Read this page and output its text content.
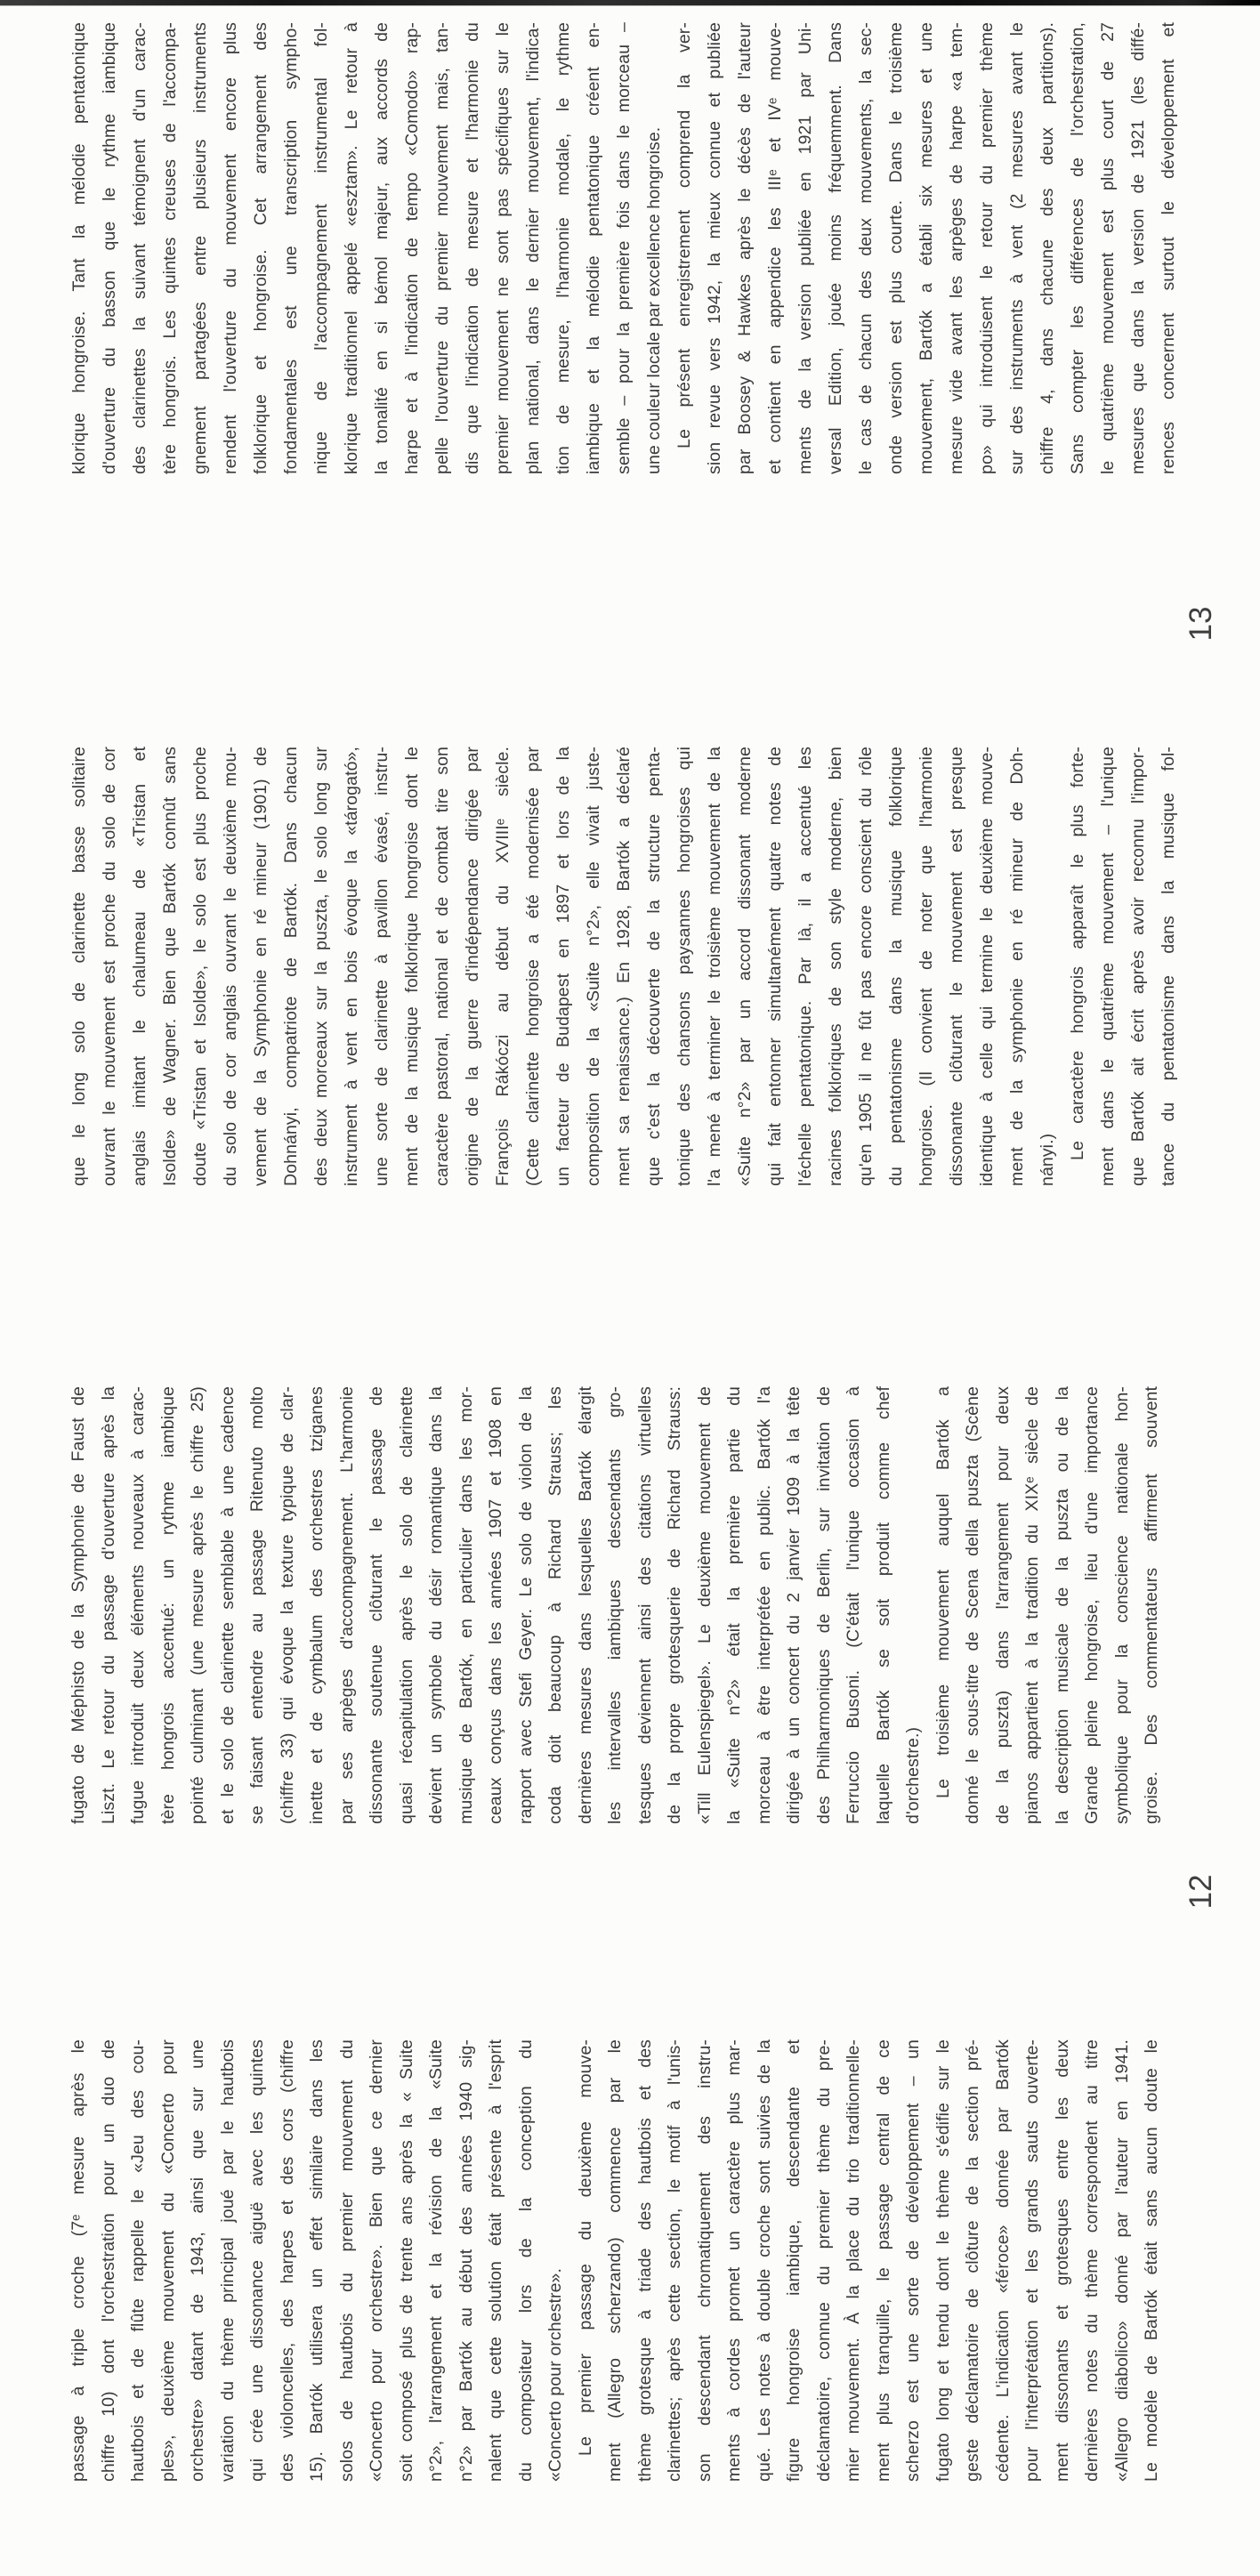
passage à triple croche (7ᵉ mesure après le chiffre 10) dont l'orchestration pour un duo de hautbois et de flûte rappelle le «Jeu des cou- ples», deuxième mouvement du «Concerto pour orchestre» datant de 1943, ainsi que sur une variation du thème principal joué par le hautbois qui crée une dissonance aiguë avec les quintes des violoncelles, des harpes et des cors (chiffre 15). Bartók utilisera un effet similaire dans les solos de hautbois du premier mouvement du «Concerto pour orchestre». Bien que ce dernier soit composé plus de trente ans après la « Suite n°2», l'arrangement et la révision de la «Suite n°2» par Bartók au début des années 1940 sig- nalent que cette solution était présente à l'esprit du compositeur lors de la conception du «Concerto pour orchestre». Le premier passage du deuxième mouve- ment (Allegro scherzando) commence par le thème grotesque à triade des hautbois et des clarinettes; après cette section, le motif à l'unis- son descendant chromatiquement des instru- ments à cordes promet un caractère plus mar- qué. Les notes à double croche sont suivies de la figure hongroise iambique, descendante et déclamatoire, connue du premier thème du pre- mier mouvement. À la place du trio traditionnelle- ment plus tranquille, le passage central de ce scherzo est une sorte de développement – un fugato long et tendu dont le thème s'édifie sur le geste déclamatoire de clôture de la section pré- cédente. L'indication «féroce» donnée par Bartók pour l'interprétation et les grands sauts ouverte- ment dissonants et grotesques entre les deux dernières notes du thème correspondent au titre «Allegro diabolico» donné par l'auteur en 1941. Le modèle de Bartók était sans aucun doute le
fugato de Méphisto de la Symphonie de Faust de Liszt. Le retour du passage d'ouverture après la fugue introduit deux éléments nouveaux à carac- tère hongrois accentué: un rythme iambique pointé culminant (une mesure après le chiffre 25) et le solo de clarinette semblable à une cadence se faisant entendre au passage Ritenuto molto (chiffre 33) qui évoque la texture typique de clar- inette et de cymbalum des orchestres tziganes par ses arpèges d'accompagnement. L'harmonie dissonante soutenue clôturant le passage de quasi récapitulation après le solo de clarinette devient un symbole du désir romantique dans la musique de Bartók, en particulier dans les mor- ceaux conçus dans les années 1907 et 1908 en rapport avec Stefi Geyer. Le solo de violon de la coda doit beaucoup à Richard Strauss; les dernières mesures dans lesquelles Bartók élargit les intervalles iambiques descendants gro- tesques deviennent ainsi des citations virtuelles de la propre grotesquerie de Richard Strauss: «Till Eulenspiegel». Le deuxième mouvement de la «Suite n°2» était la première partie du morceau à être interprétée en public. Bartók l'a dirigée à un concert du 2 janvier 1909 à la tête des Philharmoniques de Berlin, sur invitation de Ferruccio Busoni. (C'était l'unique occasion à laquelle Bartók se soit produit comme chef d'orchestre.) Le troisième mouvement auquel Bartók a donné le sous-titre de Scena della puszta (Scène de la puszta) dans l'arrangement pour deux pianos appartient à la tradition du XIXᵉ siècle de la description musicale de la puszta ou de la Grande pleine hongroise, lieu d'une importance symbolique pour la conscience nationale hon- groise. Des commentateurs affirment souvent
12
que le long solo de clarinette basse solitaire ouvrant le mouvement est proche du solo de cor anglais imitant le chalumeau de «Tristan et Isolde» de Wagner. Bien que Bartók connût sans doute «Tristan et Isolde», le solo est plus proche du solo de cor anglais ouvrant le deuxième mou- vement de la Symphonie en ré mineur (1901) de Dohnányi, compatriote de Bartók. Dans chacun des deux morceaux sur la puszta, le solo long sur instrument à vent en bois évoque la «tárogató», une sorte de clarinette à pavillon évasé, instru- ment de la musique folklorique hongroise dont le caractère pastoral, national et de combat tire son origine de la guerre d'indépendance dirigée par François Rákóczi au début du XVIIIᵉ siècle. (Cette clarinette hongroise a été modernisée par un facteur de Budapest en 1897 et lors de la composition de la «Suite n°2», elle vivait juste- ment sa renaissance.) En 1928, Bartók a déclaré que c'est la découverte de la structure penta- tonique des chansons paysannes hongroises qui l'a mené à terminer le troisième mouvement de la «Suite n°2» par un accord dissonant moderne qui fait entonner simultanément quatre notes de l'échelle pentatonique. Par là, il a accentué les racines folkloriques de son style moderne, bien qu'en 1905 il ne fût pas encore conscient du rôle du pentatonisme dans la musique folklorique hongroise. (Il convient de noter que l'harmonie dissonante clôturant le mouvement est presque identique à celle qui termine le deuxième mouve- ment de la symphonie en ré mineur de Doh- nányi.) Le caractère hongrois apparaît le plus forte- ment dans le quatrième mouvement – l'unique que Bartók ait écrit après avoir reconnu l'impor- tance du pentatonisme dans la musique fol-
klorique hongroise. Tant la mélodie pentatonique d'ouverture du basson que le rythme iambique des clarinettes la suivant témoignent d'un carac- tère hongrois. Les quintes creuses de l'accompa- gnement partagées entre plusieurs instruments rendent l'ouverture du mouvement encore plus folklorique et hongroise. Cet arrangement des fondamentales est une transcription sympho- nique de l'accompagnement instrumental fol- klorique traditionnel appelé «esztam». Le retour à la tonalité en si bémol majeur, aux accords de harpe et à l'indication de tempo «Comodo» rap- pelle l'ouverture du premier mouvement mais, tan- dis que l'indication de mesure et l'harmonie du premier mouvement ne sont pas spécifiques sur le plan national, dans le dernier mouvement, l'indica- tion de mesure, l'harmonie modale, le rythme iambique et la mélodie pentatonique créent en- semble – pour la première fois dans le morceau – une couleur locale par excellence hongroise. Le présent enregistrement comprend la ver- sion revue vers 1942, la mieux connue et publiée par Boosey & Hawkes après le décès de l'auteur et contient en appendice les IIIᵉ et IVᵉ mouve- ments de la version publiée en 1921 par Uni- versal Edition, jouée moins fréquemment. Dans le cas de chacun des deux mouvements, la sec- onde version est plus courte. Dans le troisième mouvement, Bartók a établi six mesures et une mesure vide avant les arpèges de harpe «a tem- po» qui introduisent le retour du premier thème sur des instruments à vent (2 mesures avant le chiffre 4, dans chacune des deux partitions). Sans compter les différences de l'orchestration, le quatrième mouvement est plus court de 27 mesures que dans la version de 1921 (les diffé- rences concernent surtout le développement et
13
